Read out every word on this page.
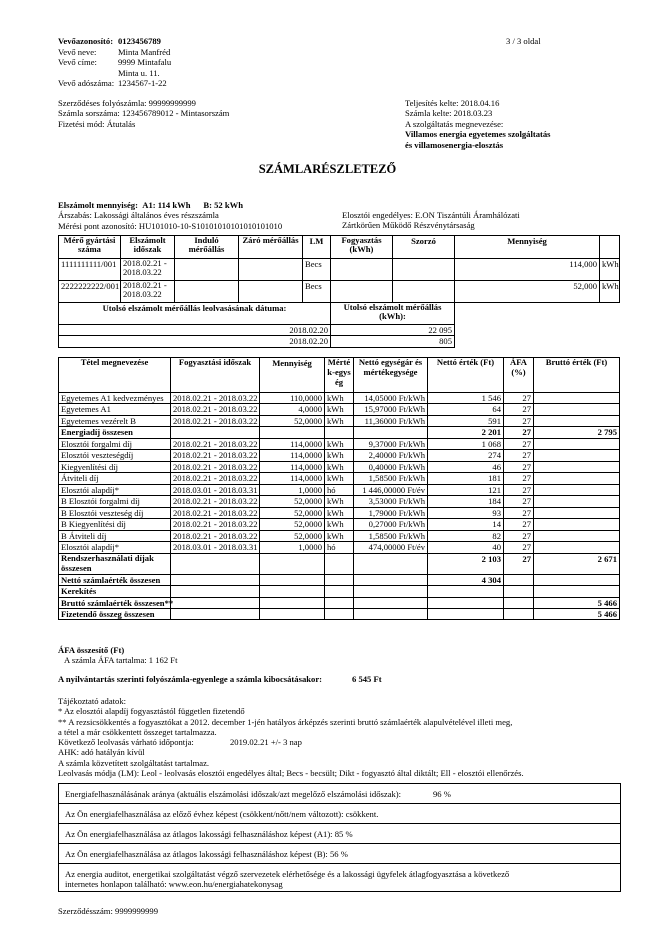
3 / 3 oldal
Vevőazonosító: 0123456789
Vevő neve:	Minta Manfréd
Vevő címe: 9999 Mintafalu
Minta u. 11.
Vevő adószáma: 1234567-1-22
Szerződéses folyószámla: 99999999999
Számla sorszáma: 123456789012 - Mintasorszám
Fizetési mód: Átutalás
Teljesítés kelte: 2018.04.16
Számla kelte: 2018.03.23
A szolgáltatás megnevezése:
Villamos energia egyetemes szolgáltatás
és villamosenergia-elosztás
SZÁMLARÉSZLETEZŐ
Elszámolt mennyiség: A1: 114 kWh B: 52 kWh
Árszabás: Lakossági általános éves részszámla
Mérési pont azonosító: HU101010-10-S10101010101010101010
Elosztói engedélyes: E.ON Tiszántúli Áramhálózati
Zártkörűen Működő Részvénytársaság
Mérő gyártási száma	Elszámolt időszak	Induló mérőállás	Záró mérőállás	LM	Fogyasztás (kWh)	Szorzó	Mennyiség	
1111111111/001	2018.02.21 -
2018.03.22			Becs			114,000	kWh
2222222222/001	2018.02.21 -
2018.03.22			Becs			52,000	kWh
Utolsó elszámolt mérőállás leolvasásának dátuma:					Utolsó elszámolt mérőállás (kWh):			
2018.02.20					22 095			
2018.02.20					805			
Tétel megnevezése	Fogyasztási időszak	Mennyiség	Mérték-egység	Nettó egységár és mértékegysége	Nettó érték (Ft)	ÁFA (%)	Bruttó érték (Ft)
Egyetemes A1 kedvezményes	2018.02.21 - 2018.03.22	110,0000	kWh	14,05000 Ft/kWh	1 546	27	
Egyetemes A1	2018.02.21 - 2018.03.22	4,0000	kWh	15,97000 Ft/kWh	64	27	
Egyetemes vezérelt B	2018.02.21 - 2018.03.22	52,0000	kWh	11,36000 Ft/kWh	591	27	
Energiadíj összesen					2 201	27	2 795
Elosztói forgalmi díj	2018.02.21 - 2018.03.22	114,0000	kWh	9,37000 Ft/kWh	1 068	27	
Elosztói veszteségdíj	2018.02.21 - 2018.03.22	114,0000	kWh	2,40000 Ft/kWh	274	27	
Kiegyenlítési díj	2018.02.21 - 2018.03.22	114,0000	kWh	0,40000 Ft/kWh	46	27	
Átviteli díj	2018.02.21 - 2018.03.22	114,0000	kWh	1,58500 Ft/kWh	181	27	
Elosztói alapdíj*	2018.03.01 - 2018.03.31	1,0000	hó	1 446,00000 Ft/év	121	27	
B Elosztói forgalmi díj	2018.02.21 - 2018.03.22	52,0000	kWh	3,53000 Ft/kWh	184	27	
B Elosztói veszteség díj	2018.02.21 - 2018.03.22	52,0000	kWh	1,79000 Ft/kWh	93	27	
B Kiegyenlítési díj	2018.02.21 - 2018.03.22	52,0000	kWh	0,27000 Ft/kWh	14	27	
B Átviteli díj	2018.02.21 - 2018.03.22	52,0000	kWh	1,58500 Ft/kWh	82	27	
Elosztói alapdíj*	2018.03.01 - 2018.03.31	1,0000	hó	474,00000 Ft/év	40	27	
Rendszerhasználati díjak összesen					2 103	27	2 671
Nettó számlaérték összesen					4 304		
Kerekítés							
Bruttó számlaérték összesen**							5 466
Fizetendő összeg összesen							5 466
ÁFA összesítő (Ft)
A számla ÁFA tartalma: 1 162 Ft
A nyilvántartás szerinti folyószámla-egyenlege a számla kibocsátásakor:	6 545 Ft
Tájékoztató adatok:
* Az elosztói alapdíj fogyasztástól független fizetendő
** A rezsicsökkentés a fogyasztókat a 2012. december 1-jén hatályos árképzés szerinti bruttó számlaérték alapulvételével illeti meg,
a tétel a már csökkentett összeget tartalmazza.
Következő leolvasás várható időpontja:	2019.02.21 +/- 3 nap
AHK: adó hatályán kívül
A számla közvetített szolgáltatást tartalmaz.
Leolvasás módja (LM): Leol - leolvasás elosztói engedélyes által; Becs - becsült; Dikt - fogyasztó által diktált; Ell - elosztói ellenőrzés.
Energiafelhasználásának aránya (aktuális elszámolási időszak/azt megelőző elszámolási időszak):	96 %
Az Ön energiafelhasználása az előző évhez képest (csökkent/nőtt/nem változott): csökkent.
Az Ön energiafelhasználása az átlagos lakossági felhasználáshoz képest (A1): 85 %
Az Ön energiafelhasználása az átlagos lakossági felhasználáshoz képest (B): 56 %
Az energia auditot, energetikai szolgáltatást végző szervezetek elérhetősége és a lakossági ügyfelek átlagfogyasztása a következő
internetes honlapon található: www.eon.hu/energiahatekonysag
Szerződésszám: 9999999999
